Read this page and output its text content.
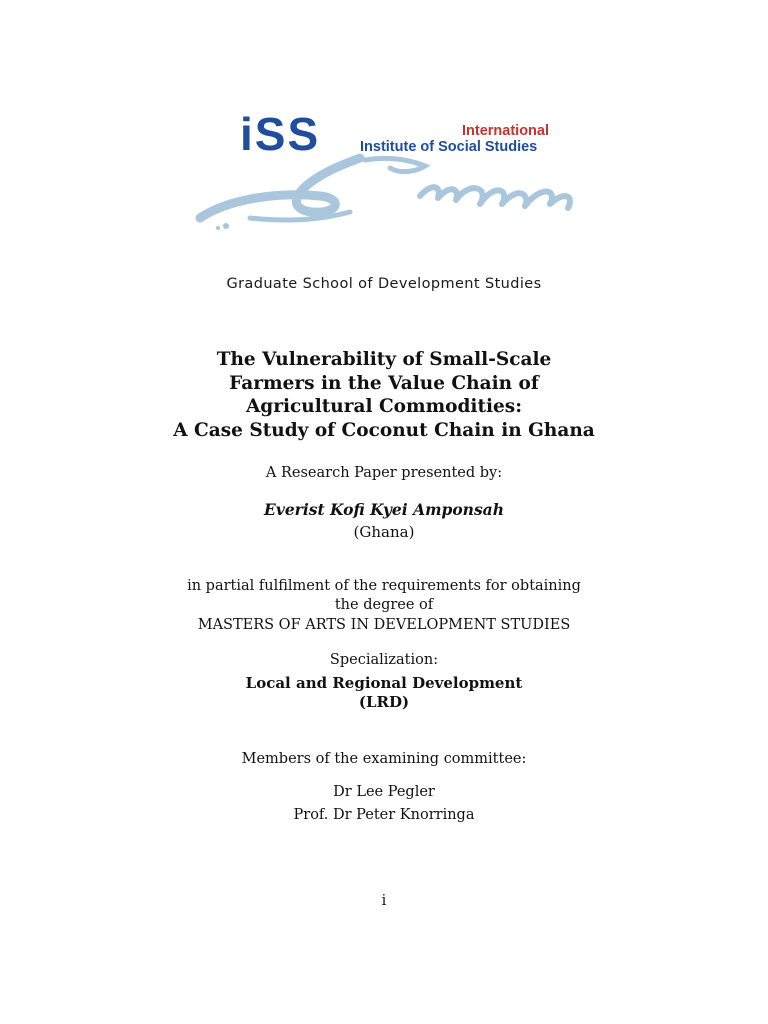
iSS	International
Institute of Social Studies
Graduate School of Development Studies
The Vulnerability of Small-Scale
Farmers in the Value Chain of
Agricultural Commodities:
A Case Study of Coconut Chain in Ghana
A Research Paper presented by:
Everist Kofi Kyei Amponsah
(Ghana)
in partial fulfilment of the requirements for obtaining
the degree of
MASTERS OF ARTS IN DEVELOPMENT STUDIES
Specialization:
Local and Regional Development
(LRD)
Members of the examining committee:
Dr Lee Pegler
Prof. Dr Peter Knorringa
i
